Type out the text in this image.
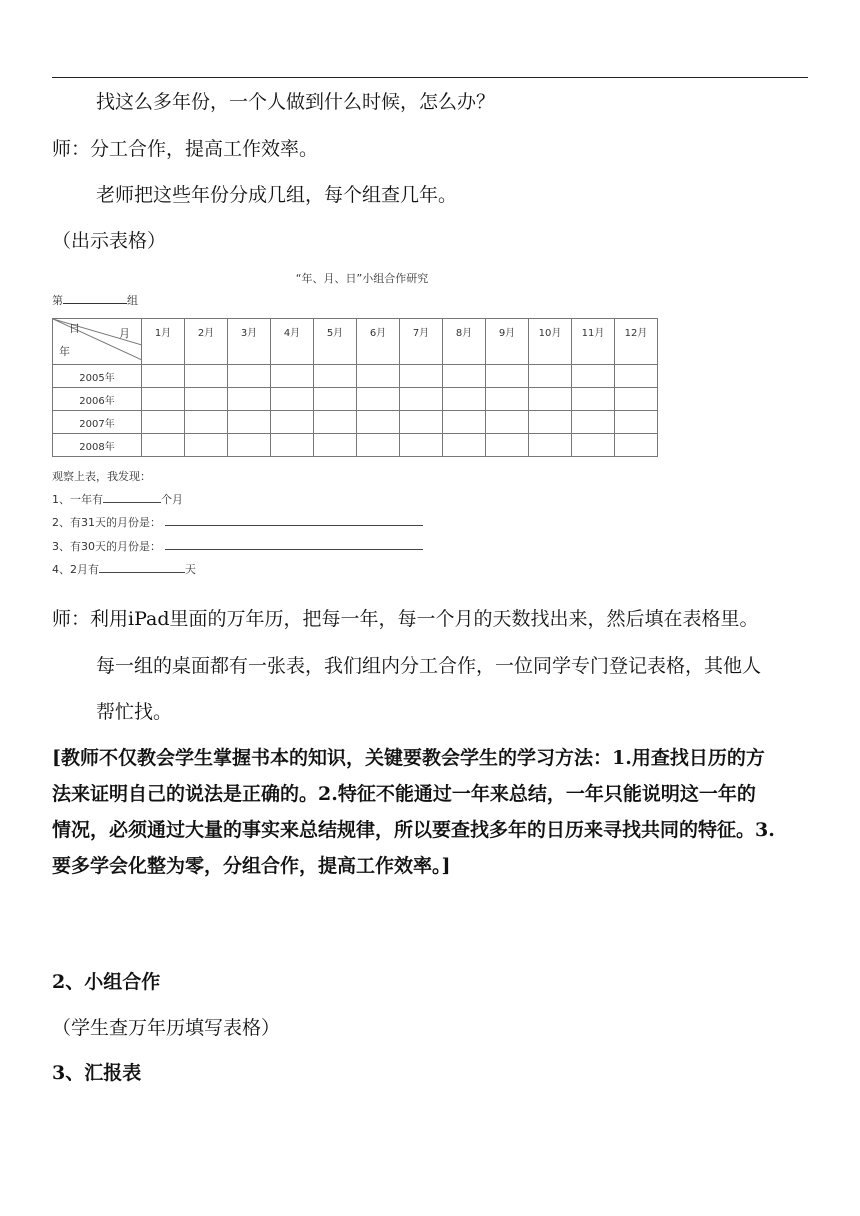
找这么多年份，一个人做到什么时候，怎么办？
师：分工合作，提高工作效率。
老师把这些年份分成几组，每个组查几年。
（出示表格）
“年、月、日”小组合作研究
第	组
日 月
年	1月	2月	3月	4月	5月	6月	7月	8月	9月	10月	11月	12月
2005年												
2006年												
2007年												
2008年												
观察上表，我发现：
1、一年有	个月
2、有31天的月份是：
3、有30天的月份是：
4、2月有	天
师：利用iPad里面的万年历，把每一年，每一个月的天数找出来，然后填在表格里。
每一组的桌面都有一张表，我们组内分工合作，一位同学专门登记表格，其他人
帮忙找。
[教师不仅教会学生掌握书本的知识，关键要教会学生的学习方法：1.用查找日历的方
法来证明自己的说法是正确的。2.特征不能通过一年来总结，一年只能说明这一年的
情况，必须通过大量的事实来总结规律，所以要查找多年的日历来寻找共同的特征。3.
要多学会化整为零，分组合作，提高工作效率。]
2、小组合作
（学生查万年历填写表格）
3、汇报表
